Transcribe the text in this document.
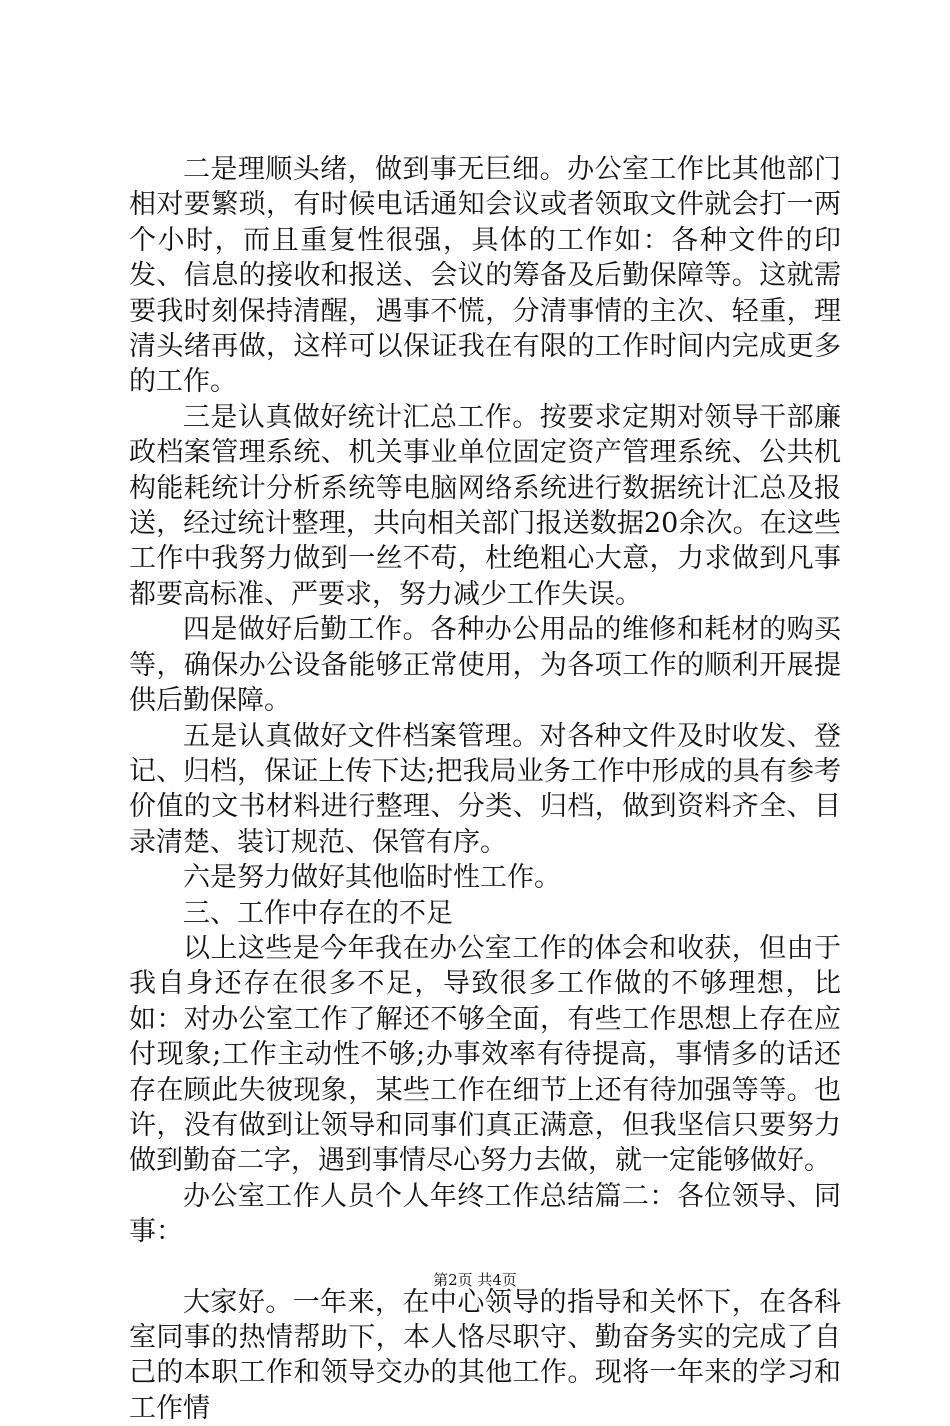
二是理顺头绪，做到事无巨细。办公室工作比其他部门相对要繁琐，有时候电话通知会议或者领取文件就会打一两个小时，而且重复性很强，具体的工作如：各种文件的印发、信息的接收和报送、会议的筹备及后勤保障等。这就需要我时刻保持清醒，遇事不慌，分清事情的主次、轻重，理清头绪再做，这样可以保证我在有限的工作时间内完成更多的工作。

三是认真做好统计汇总工作。按要求定期对领导干部廉政档案管理系统、机关事业单位固定资产管理系统、公共机构能耗统计分析系统等电脑网络系统进行数据统计汇总及报送，经过统计整理，共向相关部门报送数据20余次。在这些工作中我努力做到一丝不苟，杜绝粗心大意，力求做到凡事都要高标准、严要求，努力减少工作失误。

四是做好后勤工作。各种办公用品的维修和耗材的购买等，确保办公设备能够正常使用，为各项工作的顺利开展提供后勤保障。

五是认真做好文件档案管理。对各种文件及时收发、登记、归档，保证上传下达;把我局业务工作中形成的具有参考价值的文书材料进行整理、分类、归档，做到资料齐全、目录清楚、装订规范、保管有序。

六是努力做好其他临时性工作。

三、工作中存在的不足

以上这些是今年我在办公室工作的体会和收获，但由于我自身还存在很多不足，导致很多工作做的不够理想，比如：对办公室工作了解还不够全面，有些工作思想上存在应付现象;工作主动性不够;办事效率有待提高，事情多的话还存在顾此失彼现象，某些工作在细节上还有待加强等等。也许，没有做到让领导和同事们真正满意，但我坚信只要努力做到勤奋二字，遇到事情尽心努力去做，就一定能够做好。

办公室工作人员个人年终工作总结篇二：各位领导、同事：

大家好。一年来，在中心领导的指导和关怀下，在各科室同事的热情帮助下，本人恪尽职守、勤奋务实的完成了自己的本职工作和领导交办的其他工作。现将一年来的学习和工作情

第2页 共4页
